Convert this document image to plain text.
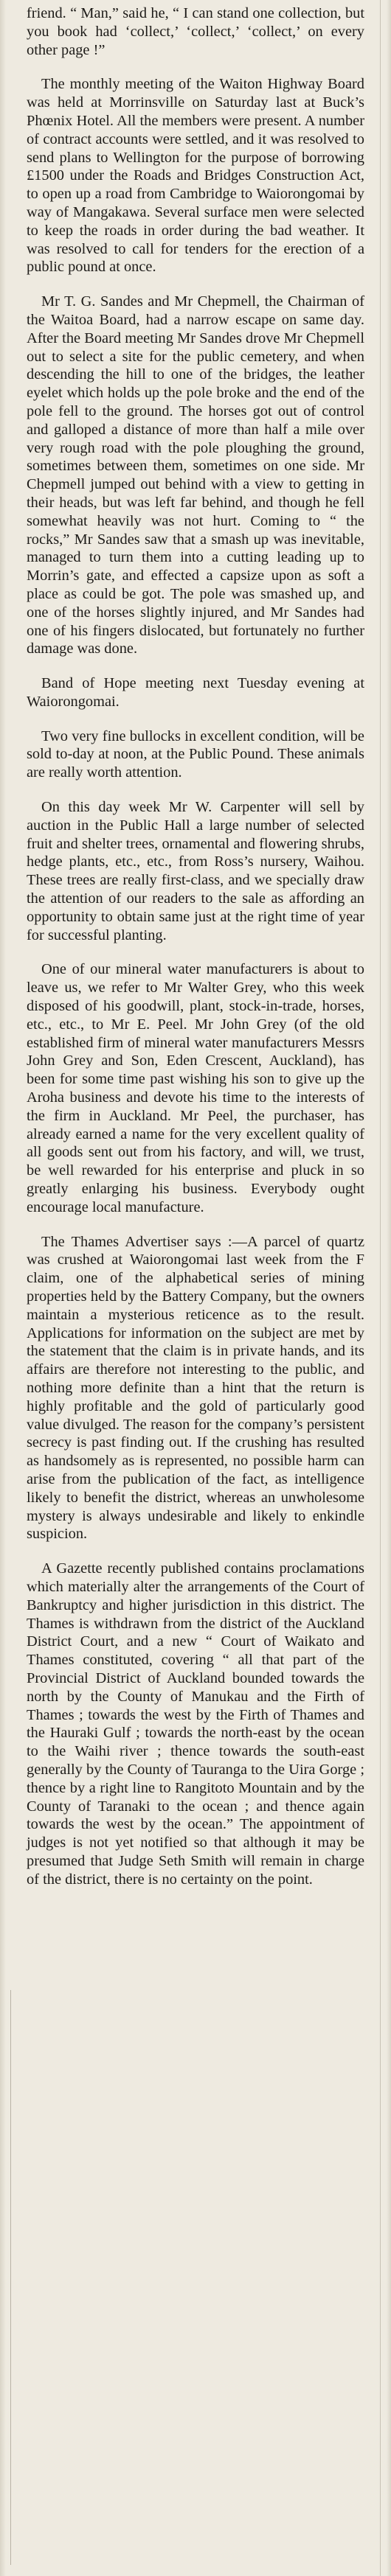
friend. “ Man,” said he, “ I can stand one collection, but you book had ‘collect,’ ‘collect,’ ‘collect,’ on every other page !”

The monthly meeting of the Waiton Highway Board was held at Morrinsville on Saturday last at Buck’s Phœnix Hotel. All the members were present. A number of contract accounts were settled, and it was resolved to send plans to Wellington for the purpose of borrowing £1500 under the Roads and Bridges Construction Act, to open up a road from Cambridge to Waiorongomai by way of Mangakawa. Several surface men were selected to keep the roads in order during the bad weather. It was resolved to call for tenders for the erection of a public pound at once.

Mr T. G. Sandes and Mr Chepmell, the Chairman of the Waitoa Board, had a narrow escape on same day. After the Board meeting Mr Sandes drove Mr Chepmell out to select a site for the public cemetery, and when descending the hill to one of the bridges, the leather eyelet which holds up the pole broke and the end of the pole fell to the ground. The horses got out of control and galloped a distance of more than half a mile over very rough road with the pole ploughing the ground, sometimes between them, sometimes on one side. Mr Chepmell jumped out behind with a view to getting in their heads, but was left far behind, and though he fell somewhat heavily was not hurt. Coming to “ the rocks,” Mr Sandes saw that a smash up was inevitable, managed to turn them into a cutting leading up to Morrin’s gate, and effected a capsize upon as soft a place as could be got. The pole was smashed up, and one of the horses slightly injured, and Mr Sandes had one of his fingers dislocated, but fortunately no further damage was done.

Band of Hope meeting next Tuesday evening at Waiorongomai.

Two very fine bullocks in excellent condition, will be sold to-day at noon, at the Public Pound. These animals are really worth attention.

On this day week Mr W. Carpenter will sell by auction in the Public Hall a large number of selected fruit and shelter trees, ornamental and flowering shrubs, hedge plants, etc., etc., from Ross’s nursery, Waihou. These trees are really first-class, and we specially draw the attention of our readers to the sale as affording an opportunity to obtain same just at the right time of year for successful planting.

One of our mineral water manufacturers is about to leave us, we refer to Mr Walter Grey, who this week disposed of his goodwill, plant, stock-in-trade, horses, etc., etc., to Mr E. Peel. Mr John Grey (of the old established firm of mineral water manufacturers Messrs John Grey and Son, Eden Crescent, Auckland), has been for some time past wishing his son to give up the Aroha business and devote his time to the interests of the firm in Auckland. Mr Peel, the purchaser, has already earned a name for the very excellent quality of all goods sent out from his factory, and will, we trust, be well rewarded for his enterprise and pluck in so greatly enlarging his business. Everybody ought encourage local manufacture.

The Thames Advertiser says :—A parcel of quartz was crushed at Waiorongomai last week from the F claim, one of the alphabetical series of mining properties held by the Battery Company, but the owners maintain a mysterious reticence as to the result. Applications for information on the subject are met by the statement that the claim is in private hands, and its affairs are therefore not interesting to the public, and nothing more definite than a hint that the return is highly profitable and the gold of particularly good value divulged. The reason for the company’s persistent secrecy is past finding out. If the crushing has resulted as handsomely as is represented, no possible harm can arise from the publication of the fact, as intelligence likely to benefit the district, whereas an unwholesome mystery is always undesirable and likely to enkindle suspicion.

A Gazette recently published contains proclamations which materially alter the arrangements of the Court of Bankruptcy and higher jurisdiction in this district. The Thames is withdrawn from the district of the Auckland District Court, and a new “ Court of Waikato and Thames constituted, covering “ all that part of the Provincial District of Auckland bounded towards the north by the County of Manukau and the Firth of Thames ; towards the west by the Firth of Thames and the Hauraki Gulf ; towards the north-east by the ocean to the Waihi river ; thence towards the south-east generally by the County of Tauranga to the Uira Gorge ; thence by a right line to Rangitoto Mountain and by the County of Taranaki to the ocean ; and thence again towards the west by the ocean.” The appointment of judges is not yet notified so that although it may be presumed that Judge Seth Smith will remain in charge of the district, there is no certainty on the point.
